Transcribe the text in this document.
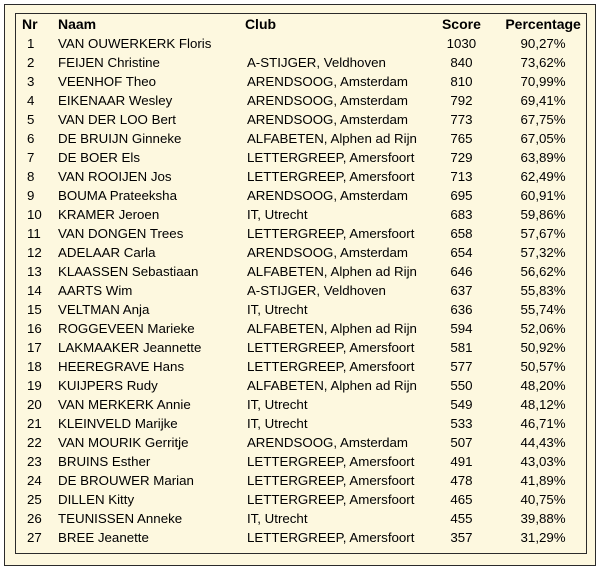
Nr	Naam	Club	Score	Percentage
1	VAN OUWERKERK Floris		1030	90,27%
2	FEIJEN Christine	A-STIJGER, Veldhoven	840	73,62%
3	VEENHOF Theo	ARENDSOOG, Amsterdam	810	70,99%
4	EIKENAAR Wesley	ARENDSOOG, Amsterdam	792	69,41%
5	VAN DER LOO Bert	ARENDSOOG, Amsterdam	773	67,75%
6	DE BRUIJN Ginneke	ALFABETEN, Alphen ad Rijn	765	67,05%
7	DE BOER Els	LETTERGREEP, Amersfoort	729	63,89%
8	VAN ROOIJEN Jos	LETTERGREEP, Amersfoort	713	62,49%
9	BOUMA Prateeksha	ARENDSOOG, Amsterdam	695	60,91%
10	KRAMER Jeroen	IT, Utrecht	683	59,86%
11	VAN DONGEN Trees	LETTERGREEP, Amersfoort	658	57,67%
12	ADELAAR Carla	ARENDSOOG, Amsterdam	654	57,32%
13	KLAASSEN Sebastiaan	ALFABETEN, Alphen ad Rijn	646	56,62%
14	AARTS Wim	A-STIJGER, Veldhoven	637	55,83%
15	VELTMAN Anja	IT, Utrecht	636	55,74%
16	ROGGEVEEN Marieke	ALFABETEN, Alphen ad Rijn	594	52,06%
17	LAKMAAKER Jeannette	LETTERGREEP, Amersfoort	581	50,92%
18	HEEREGRAVE Hans	LETTERGREEP, Amersfoort	577	50,57%
19	KUIJPERS Rudy	ALFABETEN, Alphen ad Rijn	550	48,20%
20	VAN MERKERK Annie	IT, Utrecht	549	48,12%
21	KLEINVELD Marijke	IT, Utrecht	533	46,71%
22	VAN MOURIK Gerritje	ARENDSOOG, Amsterdam	507	44,43%
23	BRUINS Esther	LETTERGREEP, Amersfoort	491	43,03%
24	DE BROUWER Marian	LETTERGREEP, Amersfoort	478	41,89%
25	DILLEN Kitty	LETTERGREEP, Amersfoort	465	40,75%
26	TEUNISSEN Anneke	IT, Utrecht	455	39,88%
27	BREE Jeanette	LETTERGREEP, Amersfoort	357	31,29%
